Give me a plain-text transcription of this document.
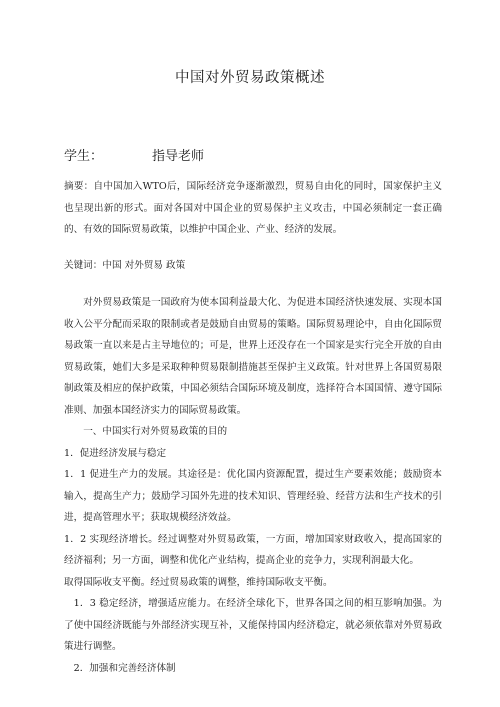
中国对外贸易政策概述
学生：	指导老师

摘要：自中国加入WTO后，国际经济竞争逐渐激烈，贸易自由化的同时，国家保护主义也呈现出新的形式。面对各国对中国企业的贸易保护主义攻击，中国必须制定一套正确的、有效的国际贸易政策，以维护中国企业、产业、经济的发展。

关键词：中国 对外贸易 政策

对外贸易政策是一国政府为使本国利益最大化、为促进本国经济快速发展、实现本国收入公平分配而采取的限制或者是鼓励自由贸易的策略。国际贸易理论中，自由化国际贸易政策一直以来是占主导地位的；可是，世界上还没存在一个国家是实行完全开放的自由贸易政策，她们大多是采取种种贸易限制措施甚至保护主义政策。针对世界上各国贸易限制政策及相应的保护政策，中国必须结合国际环境及制度，选择符合本国国情、遵守国际准则、加强本国经济实力的国际贸易政策。

一、中国实行对外贸易政策的目的

1．促进经济发展与稳定

1．1 促进生产力的发展。其途径是：优化国内资源配置，提过生产要素效能；鼓励资本输入，提高生产力；鼓励学习国外先进的技术知识、管理经验、经营方法和生产技术的引进，提高管理水平；获取规模经济效益。

1．2 实现经济增长。经过调整对外贸易政策，一方面，增加国家财政收入，提高国家的经济福利；另一方面，调整和优化产业结构，提高企业的竞争力，实现利润最大化。

取得国际收支平衡。经过贸易政策的调整，维持国际收支平衡。

1．3 稳定经济，增强适应能力。在经济全球化下，世界各国之间的相互影响加强。为了使中国经济既能与外部经济实现互补，又能保持国内经济稳定，就必须依靠对外贸易政策进行调整。

2．加强和完善经济体制
